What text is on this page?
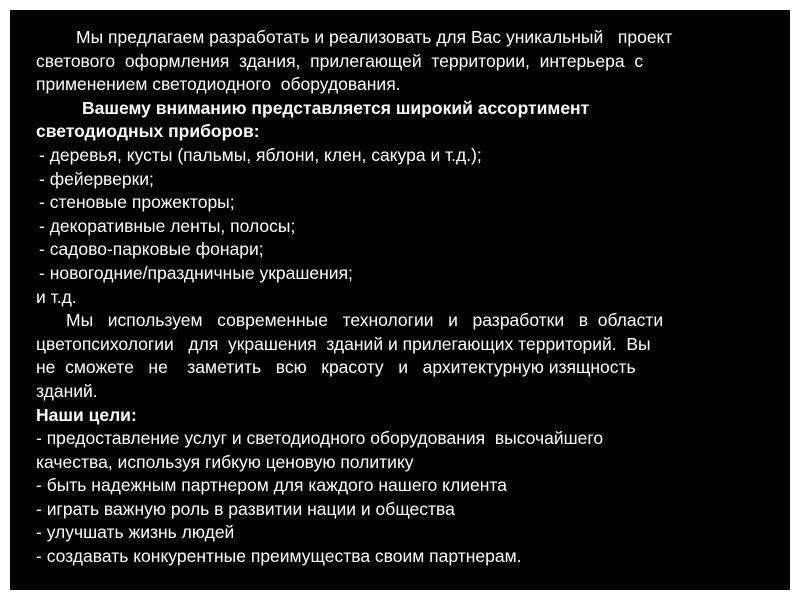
Мы предлагаем разработать и реализовать для Вас уникальный   проект
светового  оформления  здания,  прилегающей  территории,  интерьера  с
применением светодиодного  оборудования.
Вашему вниманию представляется широкий ассортимент
светодиодных приборов:
- деревья, кусты (пальмы, яблони, клен, сакура и т.д.);
- фейерверки;
- стеновые прожекторы;
- декоративные ленты, полосы;
- садово-парковые фонари;
- новогодние/праздничные украшения;
и т.д.
Мы   используем   современные   технологии   и   разработки   в  области
цветопсихологии   для  украшения  зданий и прилегающих территорий.  Вы
не  сможете   не    заметить   всю   красоту   и   архитектурную изящность
зданий.
Наши цели:
- предоставление услуг и светодиодного оборудования  высочайшего
качества, используя гибкую ценовую политику
- быть надежным партнером для каждого нашего клиента
- играть важную роль в развитии нации и общества
- улучшать жизнь людей
- создавать конкурентные преимущества своим партнерам.
